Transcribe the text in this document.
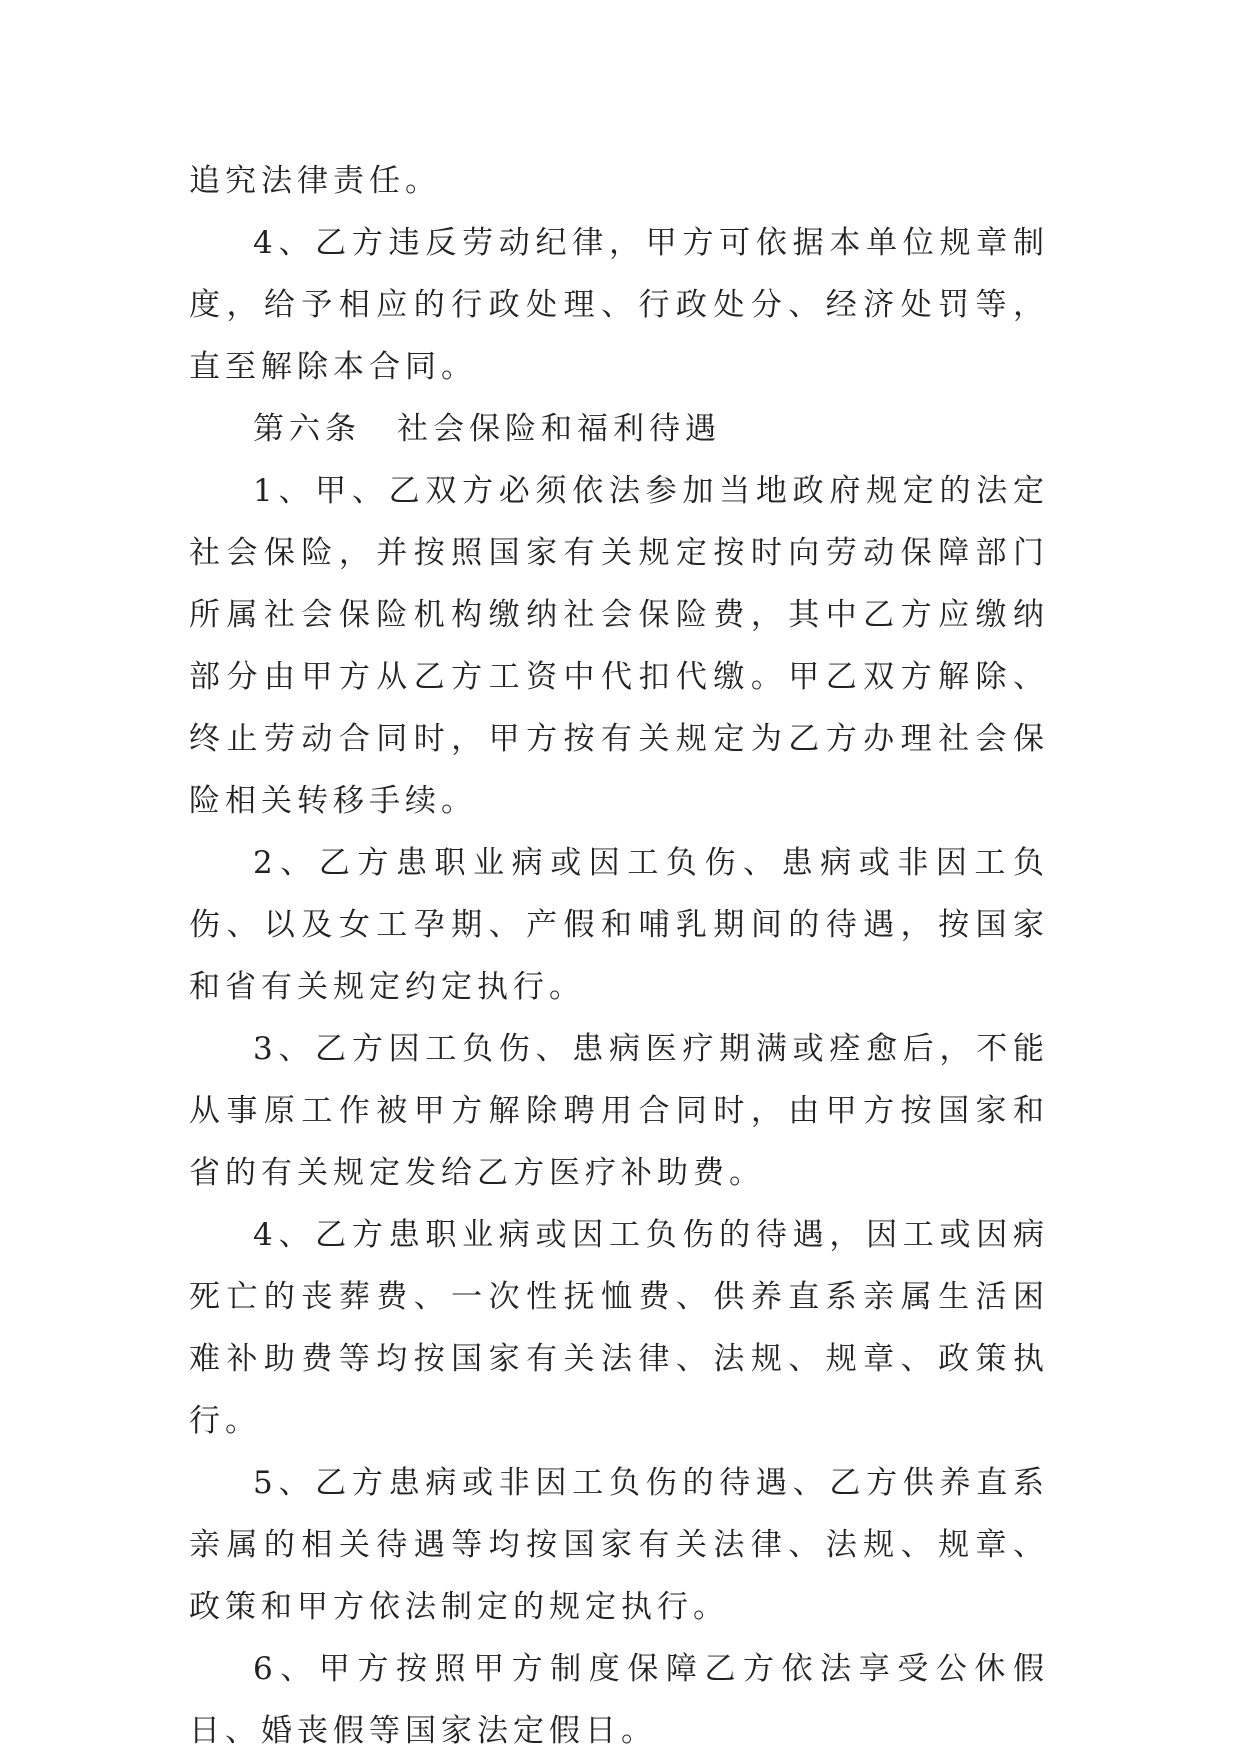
追究法律责任。

4、乙方违反劳动纪律，甲方可依据本单位规章制度，给予相应的行政处理、行政处分、经济处罚等，直至解除本合同。

第六条 社会保险和福利待遇

1、甲、乙双方必须依法参加当地政府规定的法定社会保险，并按照国家有关规定按时向劳动保障部门所属社会保险机构缴纳社会保险费，其中乙方应缴纳部分由甲方从乙方工资中代扣代缴。甲乙双方解除、终止劳动合同时，甲方按有关规定为乙方办理社会保险相关转移手续。

2、乙方患职业病或因工负伤、患病或非因工负伤、以及女工孕期、产假和哺乳期间的待遇，按国家和省有关规定约定执行。

3、乙方因工负伤、患病医疗期满或痊愈后，不能从事原工作被甲方解除聘用合同时，由甲方按国家和省的有关规定发给乙方医疗补助费。

4、乙方患职业病或因工负伤的待遇，因工或因病死亡的丧葬费、一次性抚恤费、供养直系亲属生活困难补助费等均按国家有关法律、法规、规章、政策执行。

5、乙方患病或非因工负伤的待遇、乙方供养直系亲属的相关待遇等均按国家有关法律、法规、规章、政策和甲方依法制定的规定执行。

6、甲方按照甲方制度保障乙方依法享受公休假日、婚丧假等国家法定假日。
